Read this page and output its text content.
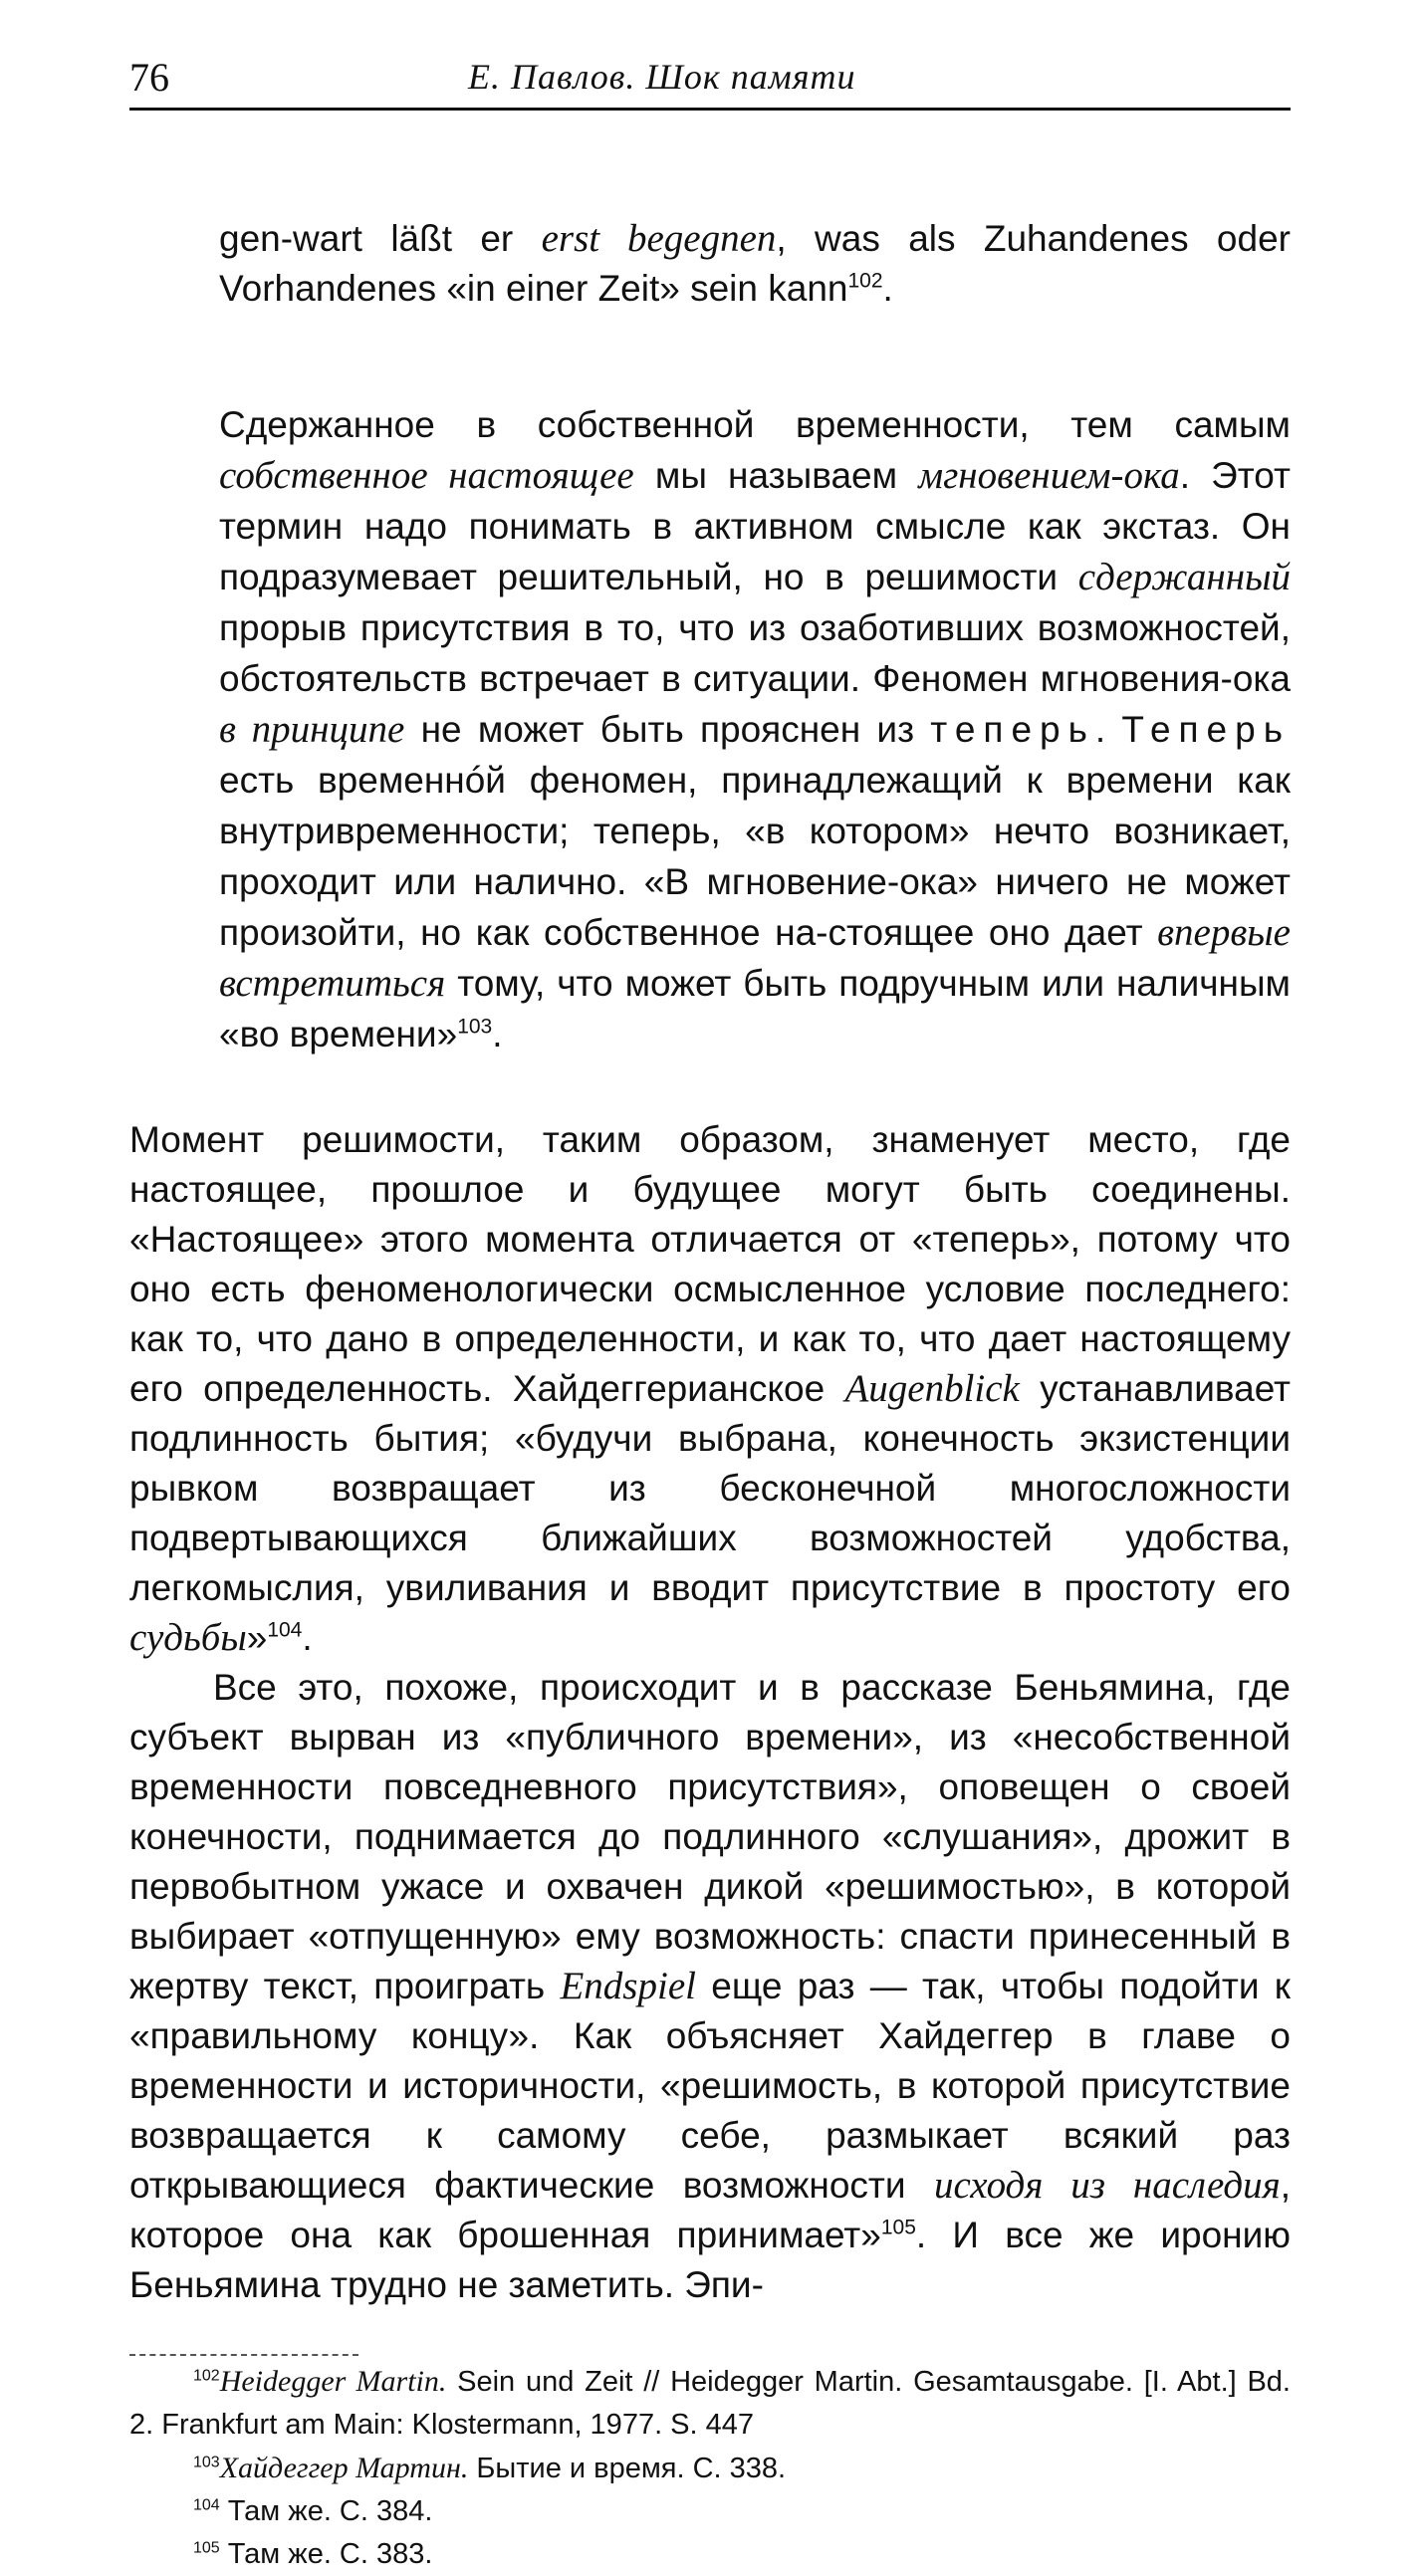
76	Е. Павлов. Шок памяти

gen-wart läßt er erst begegnen, was als Zuhandenes oder Vorhandenes «in einer Zeit» sein kann$^{102}$.

Сдержанное в собственной временности, тем самым собственное настоящее мы называем мгновением-ока. Этот термин надо понимать в активном смысле как экстаз. Он подразумевает решительный, но в решимости сдержанный прорыв присутствия в то, что из озаботивших возможностей, обстоятельств встречает в ситуации. Феномен мгновения-ока в принципе не может быть прояснен из теперь. Теперь есть временнóй феномен, принадлежащий к времени как внутривременности; теперь, «в котором» нечто возникает, проходит или налично. «В мгновение-ока» ничего не может произойти, но как собственное на-стоящее оно дает впервые встретиться тому, что может быть подручным или наличным «во времени»$^{103}$.

Момент решимости, таким образом, знаменует место, где настоящее, прошлое и будущее могут быть соединены. «Настоящее» этого момента отличается от «теперь», потому что оно есть феноменологически осмысленное условие последнего: как то, что дано в определенности, и как то, что дает настоящему его определенность. Хайдеггерианское Augenblick устанавливает подлинность бытия; «будучи выбрана, конечность экзистенции рывком возвращает из бесконечной многосложности подвертывающихся ближайших возможностей удобства, легкомыслия, увиливания и вводит присутствие в простоту его судьбы»$^{104}$.

Все это, похоже, происходит и в рассказе Беньямина, где субъект вырван из «публичного времени», из «несобственной временности повседневного присутствия», оповещен о своей конечности, поднимается до подлинного «слушания», дрожит в первобытном ужасе и охвачен дикой «решимостью», в которой выбирает «отпущенную» ему возможность: спасти принесенный в жертву текст, проиграть Endspiel еще раз — так, чтобы подойти к «правильному концу». Как объясняет Хайдеггер в главе о временности и историчности, «решимость, в которой присутствие возвращается к самому себе, размыкает всякий раз открывающиеся фактические возможности исходя из наследия, которое она как брошенная принимает»$^{105}$. И все же иронию Беньямина трудно не заметить. Эпи-

$^{102}$Heidegger Martin. Sein und Zeit // Heidegger Martin. Gesamtausgabe. [I. Abt.] Bd. 2. Frankfurt am Main: Klostermann, 1977. S. 447

$^{103}$Хайдеггер Мартин. Бытие и время. С. 338.

$^{104}$ Там же. С. 384.

$^{105}$ Там же. С. 383.
